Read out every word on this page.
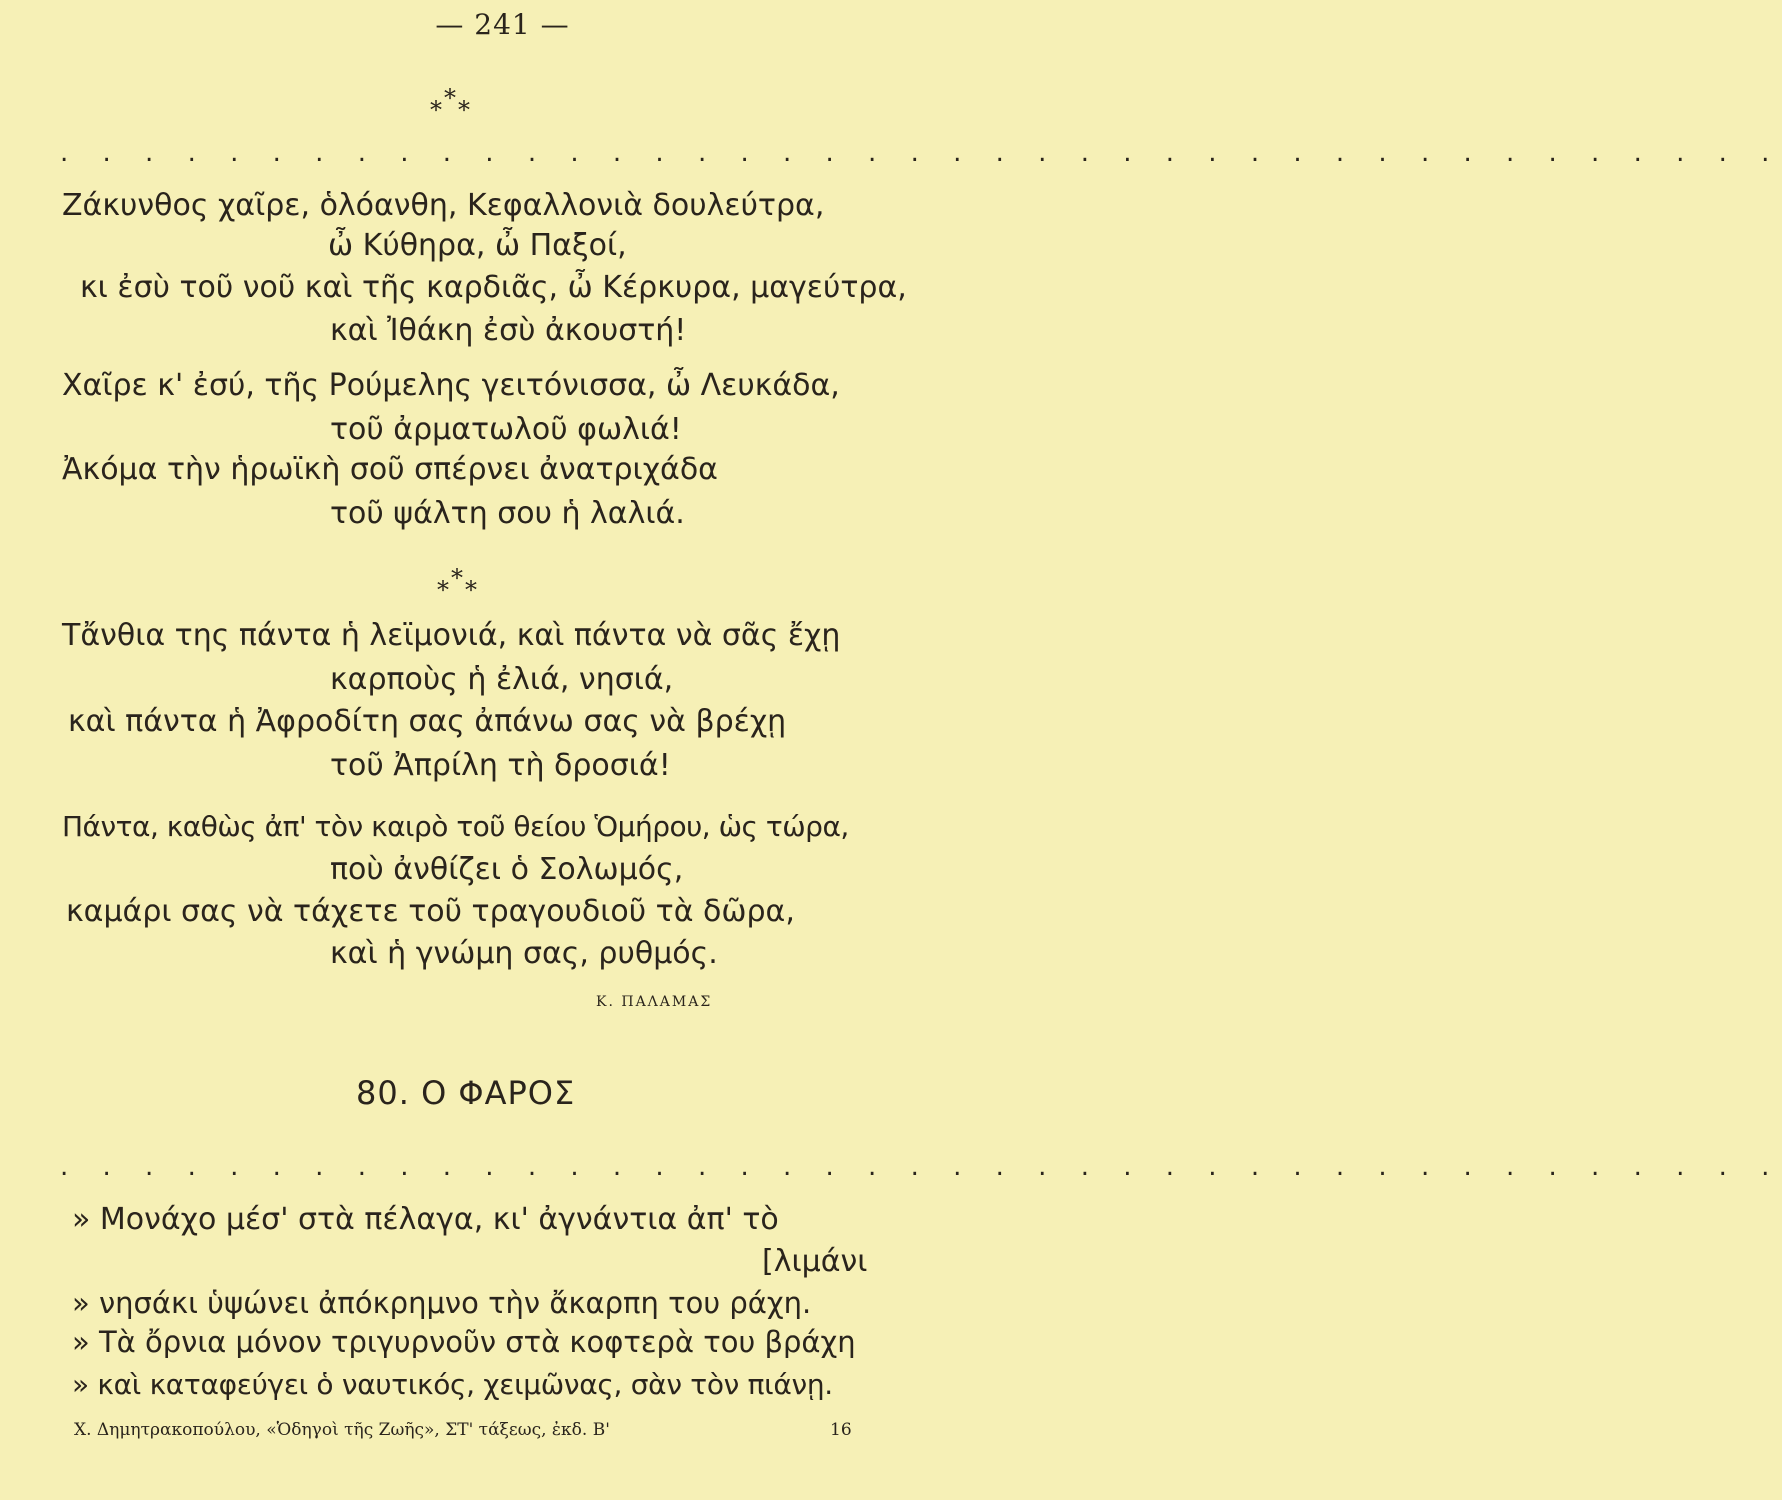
— 241 —
* * *
. . . . . . . . . . . . . . . . . . . . . . . . . . . . . . . . . . . . . . . . .
Ζάκυνθος χαῖρε, ὁλόανθη, Κεφαλλονιὰ δουλεύτρα,
ὦ Κύθηρα, ὦ Παξοί,
κι ἐσὺ τοῦ νοῦ καὶ τῆς καρδιᾶς, ὦ Κέρκυρα, μαγεύτρα,
καὶ Ἰθάκη ἐσὺ ἀκουστή!
Χαῖρε κ' ἐσύ, τῆς Ρούμελης γειτόνισσα, ὦ Λευκάδα,
τοῦ ἀρματωλοῦ φωλιά!
Ἀκόμα τὴν ἡρωϊκὴ σοῦ σπέρνει ἀνατριχάδα
τοῦ ψάλτη σου ἡ λαλιά.
* * *
Τἄνθια της πάντα ἡ λεϊμονιά, καὶ πάντα νὰ σᾶς ἔχῃ
καρποὺς ἡ ἐλιά, νησιά,
καὶ πάντα ἡ Ἀφροδίτη σας ἀπάνω σας νὰ βρέχῃ
τοῦ Ἀπρίλη τὴ δροσιά!
Πάντα, καθὼς ἀπ' τὸν καιρὸ τοῦ θείου Ὁμήρου, ὡς τώρα,
ποὺ ἀνθίζει ὁ Σολωμός,
καμάρι σας νὰ τάχετε τοῦ τραγουδιοῦ τὰ δῶρα,
καὶ ἡ γνώμη σας, ρυθμός.
Κ. ΠΑΛΑΜΑΣ
80. Ο ΦΑΡΟΣ
. . . . . . . . . . . . . . . . . . . . . . . . . . . . . . . . . . . . . . . . .
» Μονάχο μέσ' στὰ πέλαγα, κι' ἀγνάντια ἀπ' τὸ
[λιμάνι
» νησάκι ὑψώνει ἀπόκρημνο τὴν ἄκαρπη του ράχη.
» Τὰ ὄρνια μόνον τριγυρνοῦν στὰ κοφτερὰ του βράχη
» καὶ καταφεύγει ὁ ναυτικός, χειμῶνας, σὰν τὸν πιάνῃ.
Χ. Δημητρακοπούλου, «Ὁδηγοὶ τῆς Ζωῆς», ΣΤ' τάξεως, ἐκδ. Β'	16
